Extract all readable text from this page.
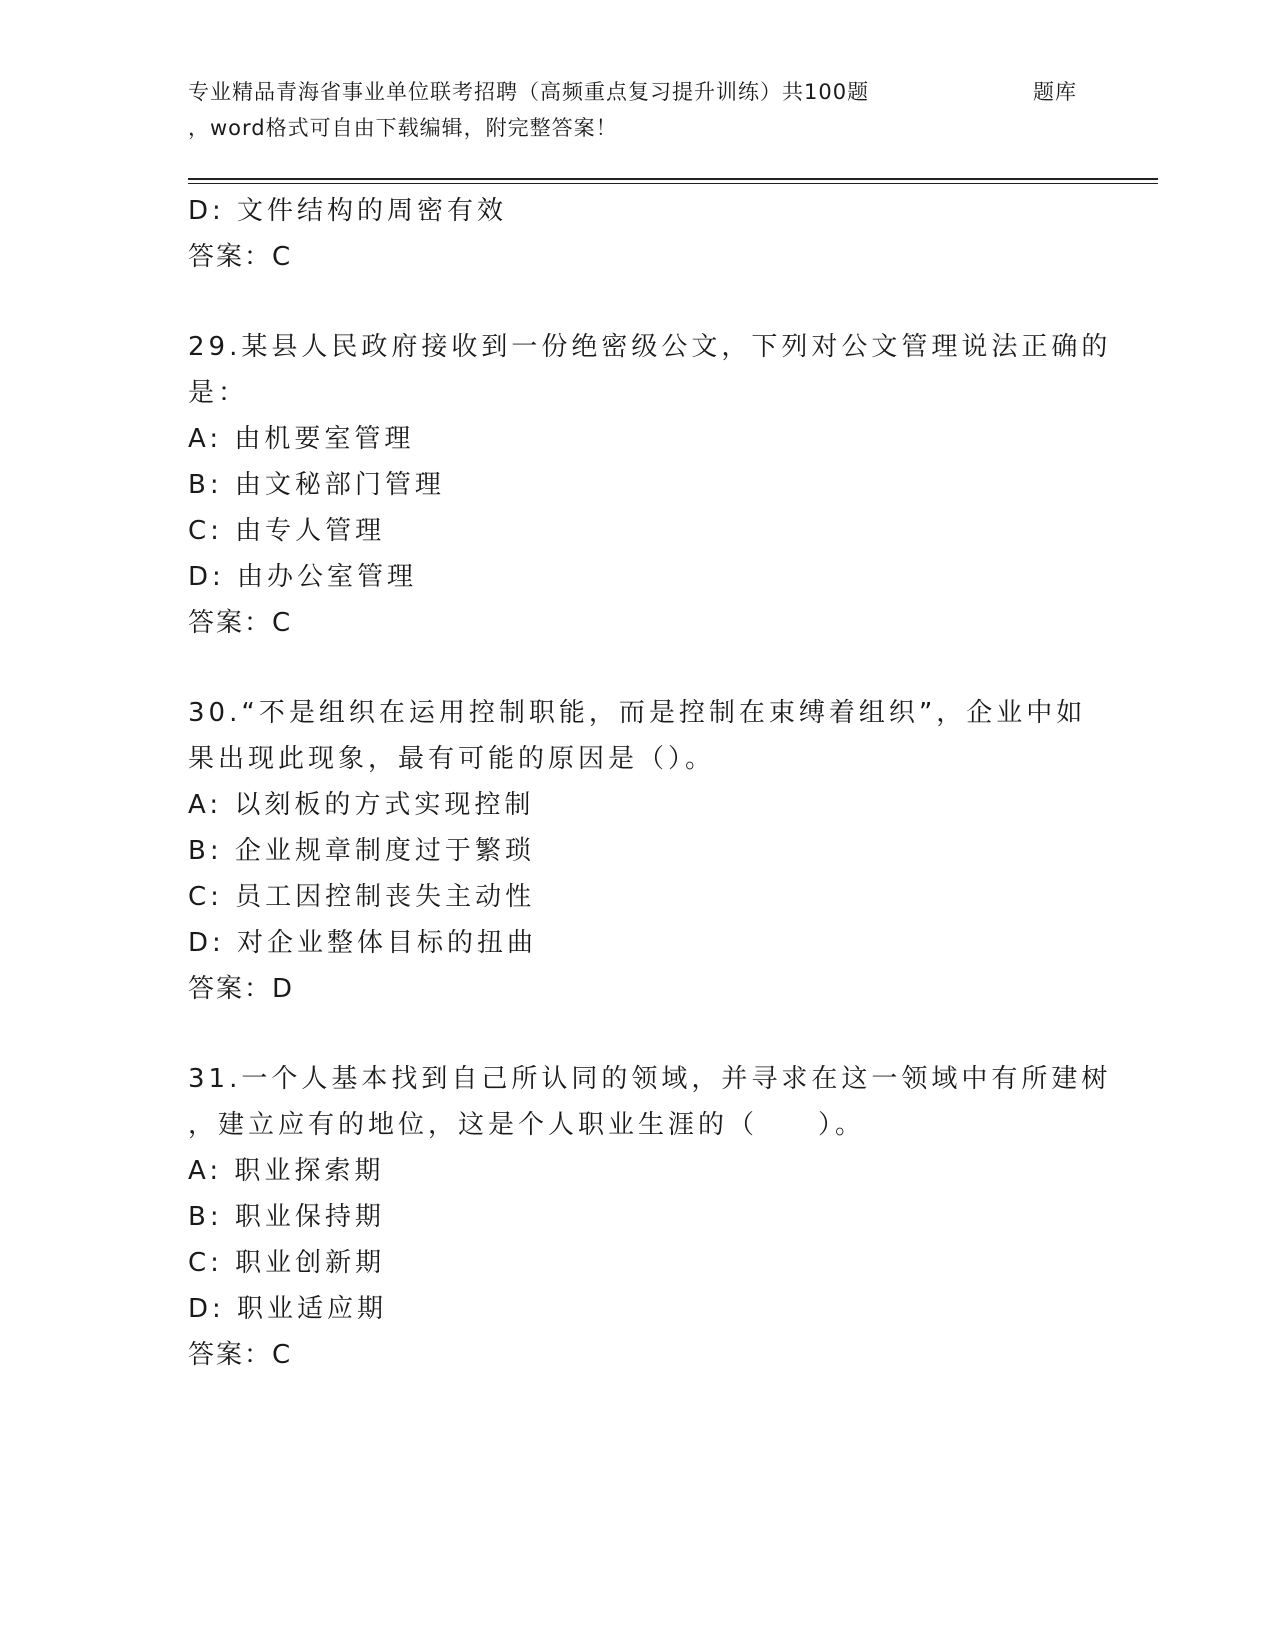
专业精品青海省事业单位联考招聘（高频重点复习提升训练）共100题	题库
，word格式可自由下载编辑，附完整答案！
D: 文件结构的周密有效
答案：C
29.某县人民政府接收到一份绝密级公文，下列对公文管理说法正确的
是：
A: 由机要室管理
B: 由文秘部门管理
C: 由专人管理
D: 由办公室管理
答案：C
30.“不是组织在运用控制职能，而是控制在束缚着组织”，企业中如
果出现此现象，最有可能的原因是（）。
A: 以刻板的方式实现控制
B: 企业规章制度过于繁琐
C: 员工因控制丧失主动性
D: 对企业整体目标的扭曲
答案：D
31.一个人基本找到自己所认同的领域，并寻求在这一领域中有所建树
，建立应有的地位，这是个人职业生涯的（　　）。
A: 职业探索期
B: 职业保持期
C: 职业创新期
D: 职业适应期
答案：C
